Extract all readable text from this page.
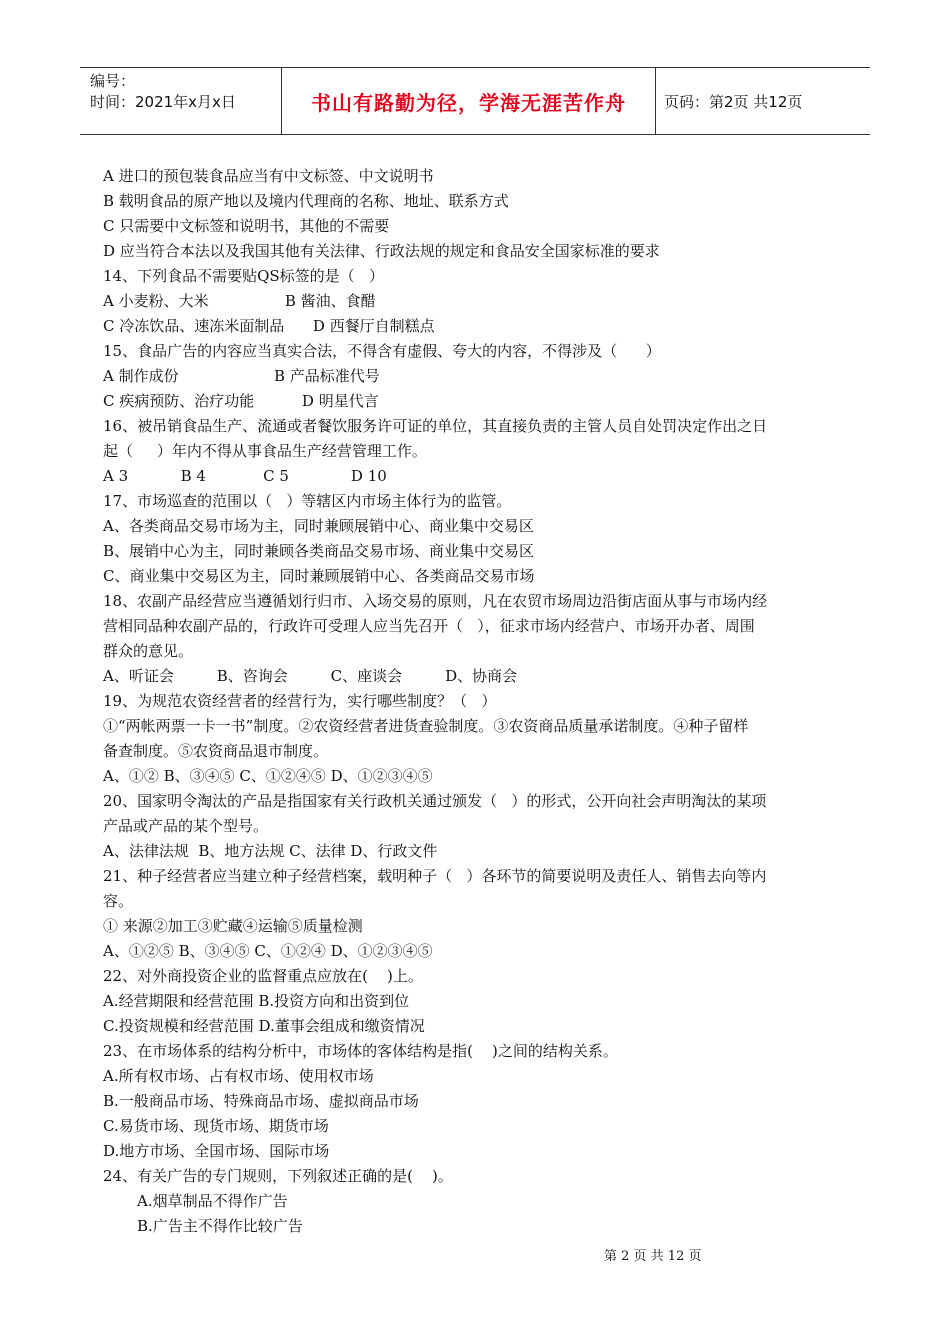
编号：
时间：2021年x月x日	书山有路勤为径，学海无涯苦作舟	页码：第2页 共12页
A 进口的预包装食品应当有中文标签、中文说明书
B 载明食品的原产地以及境内代理商的名称、地址、联系方式
C 只需要中文标签和说明书，其他的不需要
D 应当符合本法以及我国其他有关法律、行政法规的规定和食品安全国家标准的要求
14、下列食品不需要贴QS标签的是（   ）
A 小麦粉、大米                B 酱油、食醋
C 冷冻饮品、速冻米面制品      D 西餐厅自制糕点
15、食品广告的内容应当真实合法，不得含有虚假、夸大的内容，不得涉及（      ）
A 制作成份                    B 产品标准代号
C 疾病预防、治疗功能          D 明星代言
16、被吊销食品生产、流通或者餐饮服务许可证的单位，其直接负责的主管人员自处罚决定作出之日
起（     ）年内不得从事食品生产经营管理工作。
A 3           B 4            C 5             D 10
17、市场巡查的范围以（   ）等辖区内市场主体行为的监管。
A、各类商品交易市场为主，同时兼顾展销中心、商业集中交易区
B、展销中心为主，同时兼顾各类商品交易市场、商业集中交易区
C、商业集中交易区为主，同时兼顾展销中心、各类商品交易市场
18、农副产品经营应当遵循划行归市、入场交易的原则，凡在农贸市场周边沿街店面从事与市场内经
营相同品种农副产品的，行政许可受理人应当先召开（   ），征求市场内经营户、市场开办者、周围
群众的意见。
A、听证会         B、咨询会         C、座谈会         D、协商会
19、为规范农资经营者的经营行为，实行哪些制度？（   ）
①“两帐两票一卡一书”制度。②农资经营者进货查验制度。③农资商品质量承诺制度。④种子留样
备查制度。⑤农资商品退市制度。
A、①② B、③④⑤ C、①②④⑤ D、①②③④⑤
20、国家明令淘汰的产品是指国家有关行政机关通过颁发（   ）的形式，公开向社会声明淘汰的某项
产品或产品的某个型号。
A、法律法规  B、地方法规 C、法律 D、行政文件
21、种子经营者应当建立种子经营档案，载明种子（   ）各环节的简要说明及责任人、销售去向等内
容。
① 来源②加工③贮藏④运输⑤质量检测
A、①②⑤ B、③④⑤ C、①②④ D、①②③④⑤
22、对外商投资企业的监督重点应放在(    )上。
A.经营期限和经营范围 B.投资方向和出资到位
C.投资规模和经营范围 D.董事会组成和缴资情况
23、在市场体系的结构分析中，市场体的客体结构是指(    )之间的结构关系。
A.所有权市场、占有权市场、使用权市场
B.一般商品市场、特殊商品市场、虚拟商品市场
C.易货市场、现货市场、期货市场
D.地方市场、全国市场、国际市场
24、有关广告的专门规则，下列叙述正确的是(    )。
A.烟草制品不得作广告
B.广告主不得作比较广告
第 2 页 共 12 页
